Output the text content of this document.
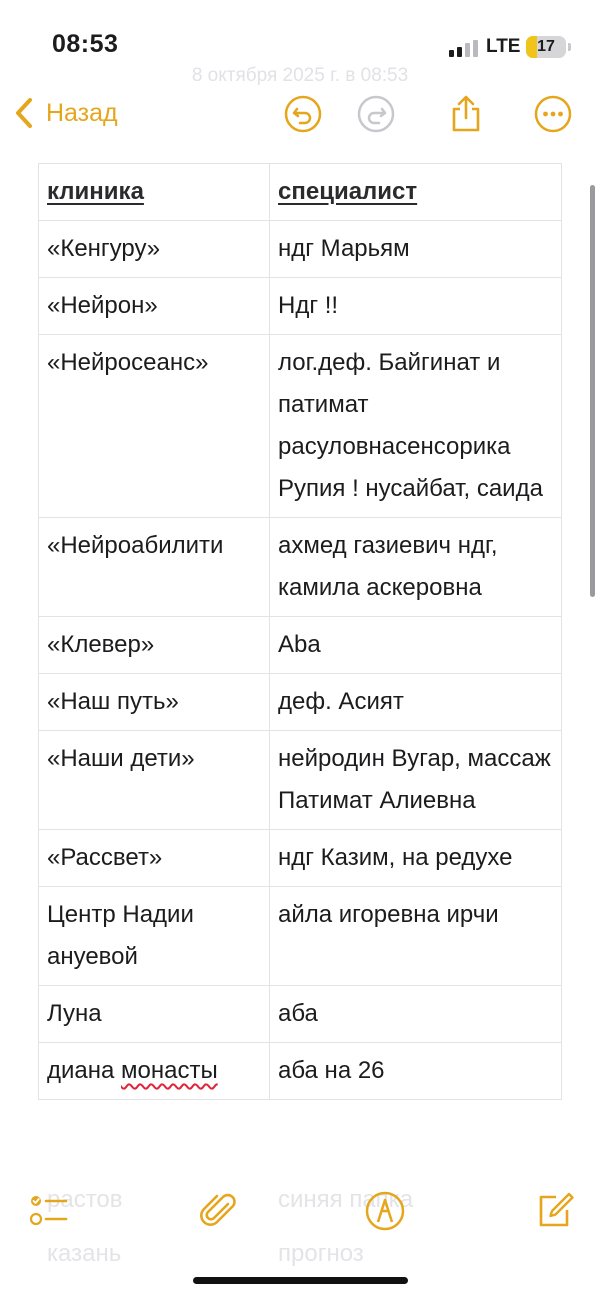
08:53	LTE	17
8 октября 2025 г. в 08:53
Назад
клиника	специалист
«Кенгуру»	ндг Марьям
«Нейрон»	Ндг !!
«Нейросеанс»	лог.деф. Байгинат и патимат расуловнасенсорика Рупия ! нусайбат, саида
«Нейроабилити	ахмед газиевич ндг, камила аскеровна
«Клевер»	Aba
«Наш путь»	деф. Асият
«Наши дети»	нейродин Вугар, массаж Патимат Алиевна
«Рассвет»	ндг Казим, на редухе
Центр Надии ануевой	айла игоревна ирчи
Луна	аба
диана монасты	аба на 26
растов	синяя папка
казань	прогноз
